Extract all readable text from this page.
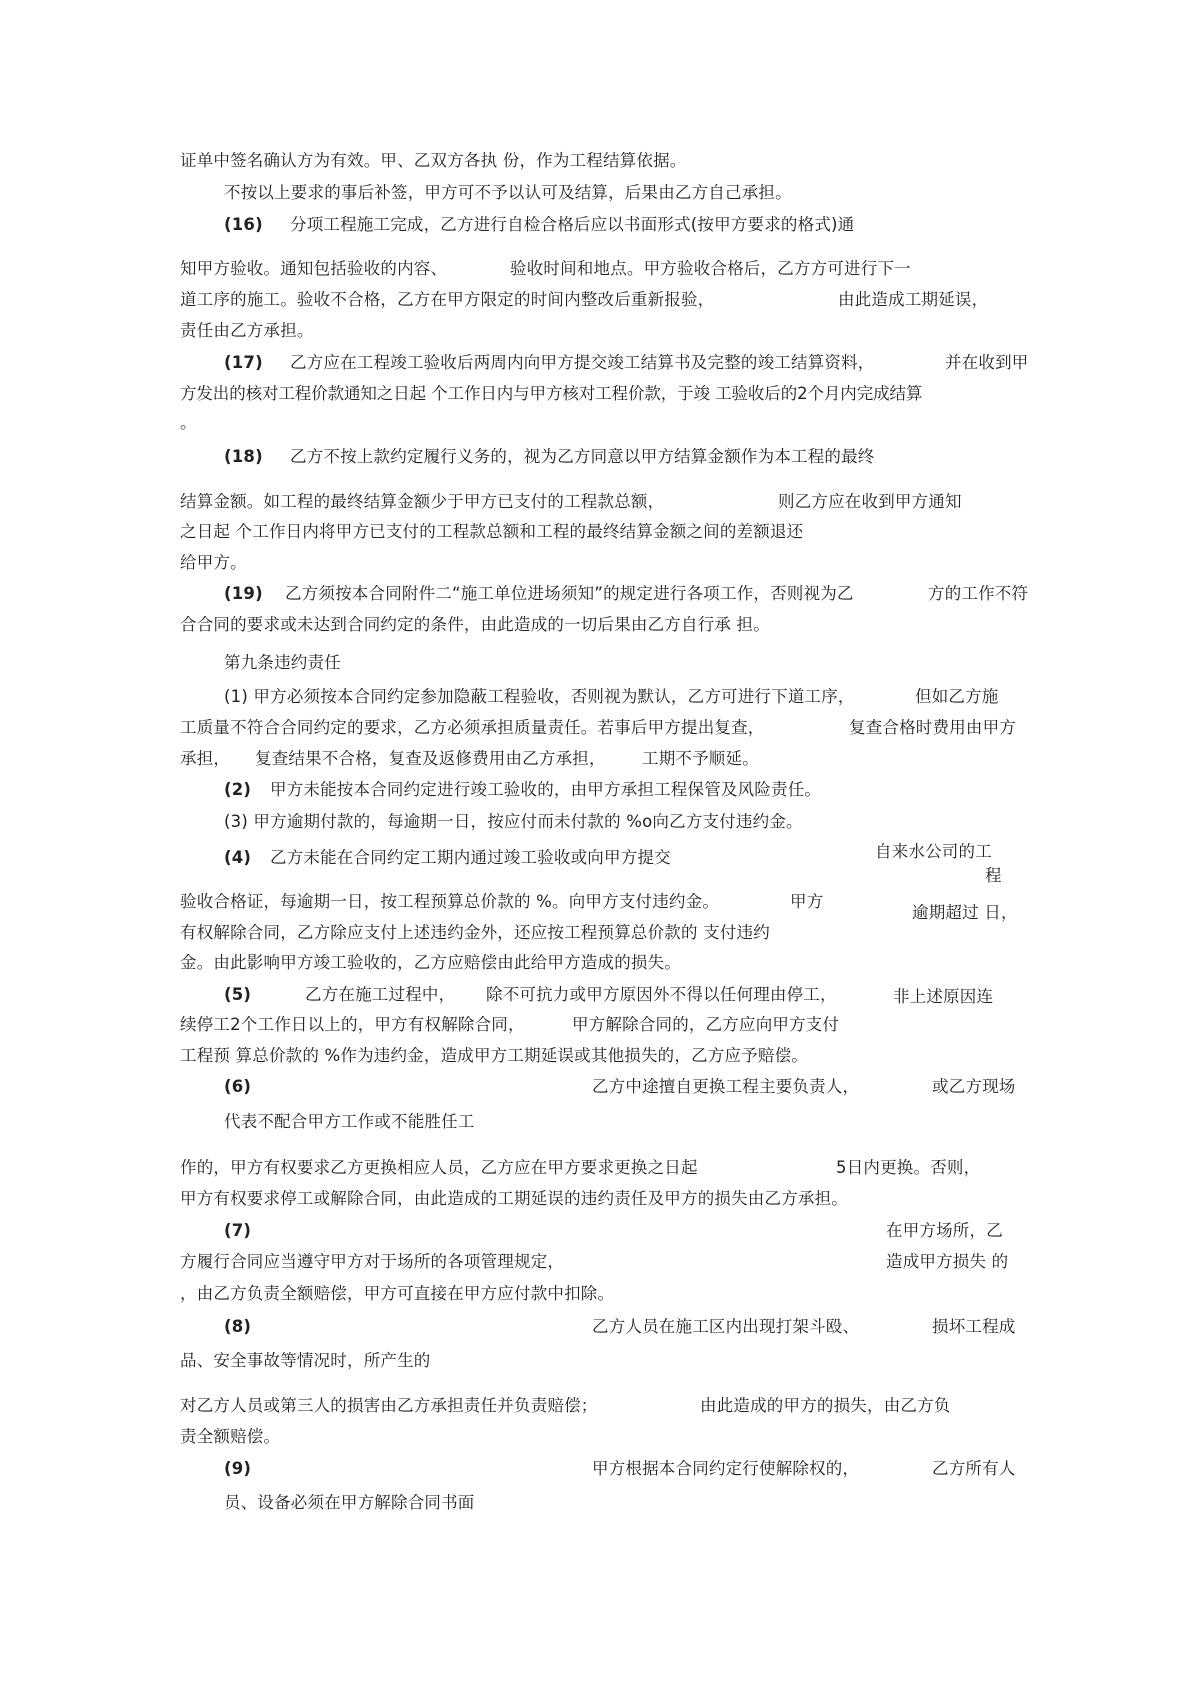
证单中签名确认方为有效。甲、乙双方各执 份，作为工程结算依据。
不按以上要求的事后补签，甲方可不予以认可及结算，后果由乙方自己承担。
(16) 分项工程施工完成，乙方进行自检合格后应以书面形式(按甲方要求的格式)通
知甲方验收。通知包括验收的内容、	验收时间和地点。甲方验收合格后，乙方方可进行下一
道工序的施工。验收不合格，乙方在甲方限定的时间内整改后重新报验，	由此造成工期延误，
责任由乙方承担。
(17) 乙方应在工程竣工验收后两周内向甲方提交竣工结算书及完整的竣工结算资料，	并在收到甲
方发出的核对工程价款通知之日起 个工作日内与甲方核对工程价款，于竣 工验收后的2个月内完成结算
。
(18) 乙方不按上款约定履行义务的，视为乙方同意以甲方结算金额作为本工程的最终
结算金额。如工程的最终结算金额少于甲方已支付的工程款总额，	则乙方应在收到甲方通知
之日起 个工作日内将甲方已支付的工程款总额和工程的最终结算金额之间的差额退还
给甲方。
(19) 乙方须按本合同附件二“施工单位进场须知”的规定进行各项工作，否则视为乙	方的工作不符
合合同的要求或未达到合同约定的条件，由此造成的一切后果由乙方自行承 担。
第九条违约责任
(1) 甲方必须按本合同约定参加隐蔽工程验收，否则视为默认，乙方可进行下道工序，	但如乙方施
工质量不符合合同约定的要求，乙方必须承担质量责任。若事后甲方提出复查，	复查合格时费用由甲方
承担， 复查结果不合格，复查及返修费用由乙方承担， 工期不予顺延。
(2) 甲方未能按本合同约定进行竣工验收的，由甲方承担工程保管及风险责任。
(3) 甲方逾期付款的，每逾期一日，按应付而未付款的 %o向乙方支付违约金。
(4) 乙方未能在合同约定工期内通过竣工验收或向甲方提交	自来水公司的工
程
验收合格证，每逾期一日，按工程预算总价款的 %。向甲方支付违约金。	甲方
逾期超过 日，
有权解除合同，乙方除应支付上述违约金外，还应按工程预算总价款的 支付违约
金。由此影响甲方竣工验收的，乙方应赔偿由此给甲方造成的损失。
(5)	乙方在施工过程中， 除不可抗力或甲方原因外不得以任何理由停工，	非上述原因连
续停工2个工作日以上的，甲方有权解除合同，	甲方解除合同的，乙方应向甲方支付
工程预 算总价款的 %作为违约金，造成甲方工期延误或其他损失的，乙方应予赔偿。
(6)	乙方中途擅自更换工程主要负责人，	或乙方现场
代表不配合甲方工作或不能胜任工
作的，甲方有权要求乙方更换相应人员，乙方应在甲方要求更换之日起	5日内更换。否则，
甲方有权要求停工或解除合同，由此造成的工期延误的违约责任及甲方的损失由乙方承担。
(7)	在甲方场所，乙
方履行合同应当遵守甲方对于场所的各项管理规定，	造成甲方损失 的
，由乙方负责全额赔偿，甲方可直接在甲方应付款中扣除。
(8)	乙方人员在施工区内出现打架斗殴、	损坏工程成
品、安全事故等情况时，所产生的
对乙方人员或第三人的损害由乙方承担责任并负责赔偿；	由此造成的甲方的损失，由乙方负
责全额赔偿。
(9)	甲方根据本合同约定行使解除权的，	乙方所有人
员、设备必须在甲方解除合同书面
